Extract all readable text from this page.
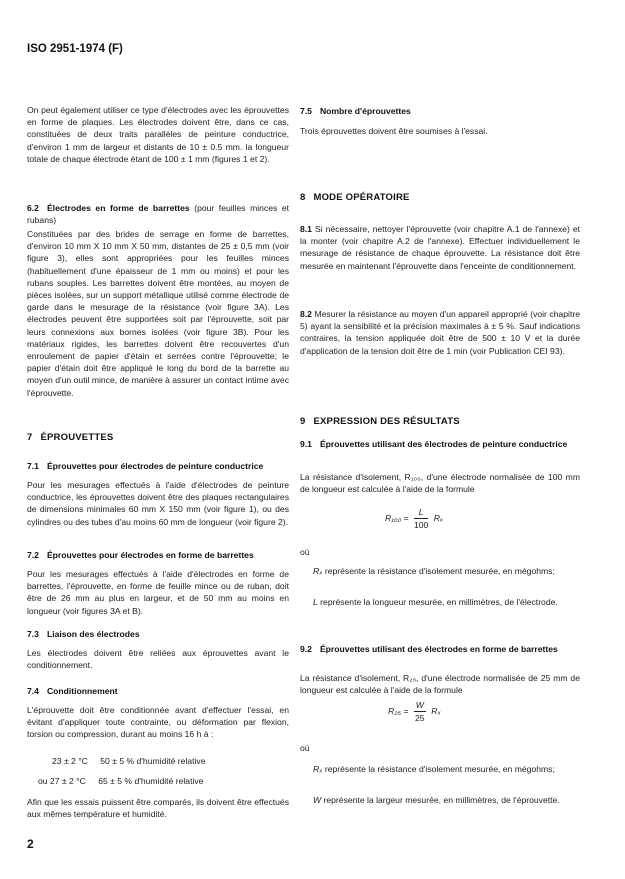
ISO 2951-1974 (F)
On peut également utiliser ce type d'électrodes avec les éprouvettes en forme de plaques. Les électrodes doivent être, dans ce cas, constituées de deux traits parallèles de peinture conductrice, d'environ 1 mm de largeur et distants de 10 ± 0.5 mm. la longueur totale de chaque électrode étant de 100 ± 1 mm (figures 1 et 2).
6.2 Électrodes en forme de barrettes (pour feuilles minces et rubans)
Constituées par des brides de serrage en forme de barrettes, d'environ 10 mm X 10 mm X 50 mm, distantes de 25 ± 0,5 mm (voir figure 3), elles sont appropriées pour les feuilles minces (habituellement d'une épaisseur de 1 mm ou moins) et pour les rubans souples. Les barrettes doivent être montées, au moyen de pièces isolées, sur un support métallique utilisé comme électrode de garde dans le mesurage de la résistance (voir figure 3A). Les électrodes peuvent être supportées soit par l'éprouvette, soit par leurs connexions aux bornes isolées (voir figure 3B). Pour les matériaux rigides, les barrettes doivent être recouvertes d'un enroulement de papier d'étain et serrées contre l'éprouvette; le papier d'étain doit être appliqué le long du bord de la barrette au moyen d'un outil mince, de manière à assurer un contact intime avec l'éprouvette.
7 ÉPROUVETTES
7.1 Éprouvettes pour électrodes de peinture conductrice
Pour les mesurages effectués à l'aide d'électrodes de peinture conductrice, les éprouvettes doivent être des plaques rectangulaires de dimensions minimales 60 mm X 150 mm (voir figure 1), ou des cylindres ou des tubes d'au moins 60 mm de longueur (voir figure 2).
7.2 Éprouvettes pour électrodes en forme de barrettes
Pour les mesurages effectués à l'aide d'électrodes en forme de barrettes, l'éprouvette, en forme de feuille mince ou de ruban, doit être de 26 mm au plus en largeur, et de 50 mm au moins en longueur (voir figures 3A et B).
7.3 Liaison des électrodes
Les électrodes doivent être reliées aux éprouvettes avant le conditionnement.
7.4 Conditionnement
L'éprouvette doit être conditionnée avant d'effectuer l'essai, en évitant d'appliquer toute contrainte, ou déformation par flexion, torsion ou compression, durant au moins 16 h à :
23 ± 2 °C 50 ± 5 % d'humidité relative
ou 27 ± 2 °C 65 ± 5 % d'humidité relative
Afin que les essais puissent être comparés, ils doivent être effectués aux mêmes température et humidité.
2
7.5 Nombre d'éprouvettes
Trois éprouvettes doivent être soumises à l'essai.
8 MODE OPÉRATOIRE
8.1 Si nécessaire, nettoyer l'éprouvette (voir chapitre A.1 de l'annexe) et la monter (voir chapitre A.2 de l'annexe). Effectuer individuellement le mesurage de résistance de chaque éprouvette. La résistance doit être mesurée en maintenant l'éprouvette dans l'enceinte de conditionnement.
8.2 Mesurer la résistance au moyen d'un appareil approprié (voir chapitre 5) ayant la sensibilité et la précision maximales à ± 5 %. Sauf indications contraires, la tension appliquée doit être de 500 ± 10 V et la durée d'application de la tension doit être de 1 min (voir Publication CEI 93).
9 EXPRESSION DES RÉSULTATS
9.1 Éprouvettes utilisant des électrodes de peinture conductrice
La résistance d'isolement, R₁₀₀, d'une électrode normalisée de 100 mm de longueur est calculée à l'aide de la formule
$R_{100} = \frac{L}{100}$ Rₓ
où
Rₓ représente la résistance d'isolement mesurée, en mégohms;
L représente la longueur mesurée, en millimètres, de l'électrode.
9.2 Éprouvettes utilisant des électrodes en forme de barrettes
La résistance d'isolement, R₂₅, d'une électrode normalisée de 25 mm de longueur est calculée à l'aide de la formule
$R_{25} = \frac{W}{25}$ Rₓ
où
Rₓ représente la résistance d'isolement mesurée, en mégohms;
W représente la largeur mesurée, en millimètres, de l'éprouvette.
